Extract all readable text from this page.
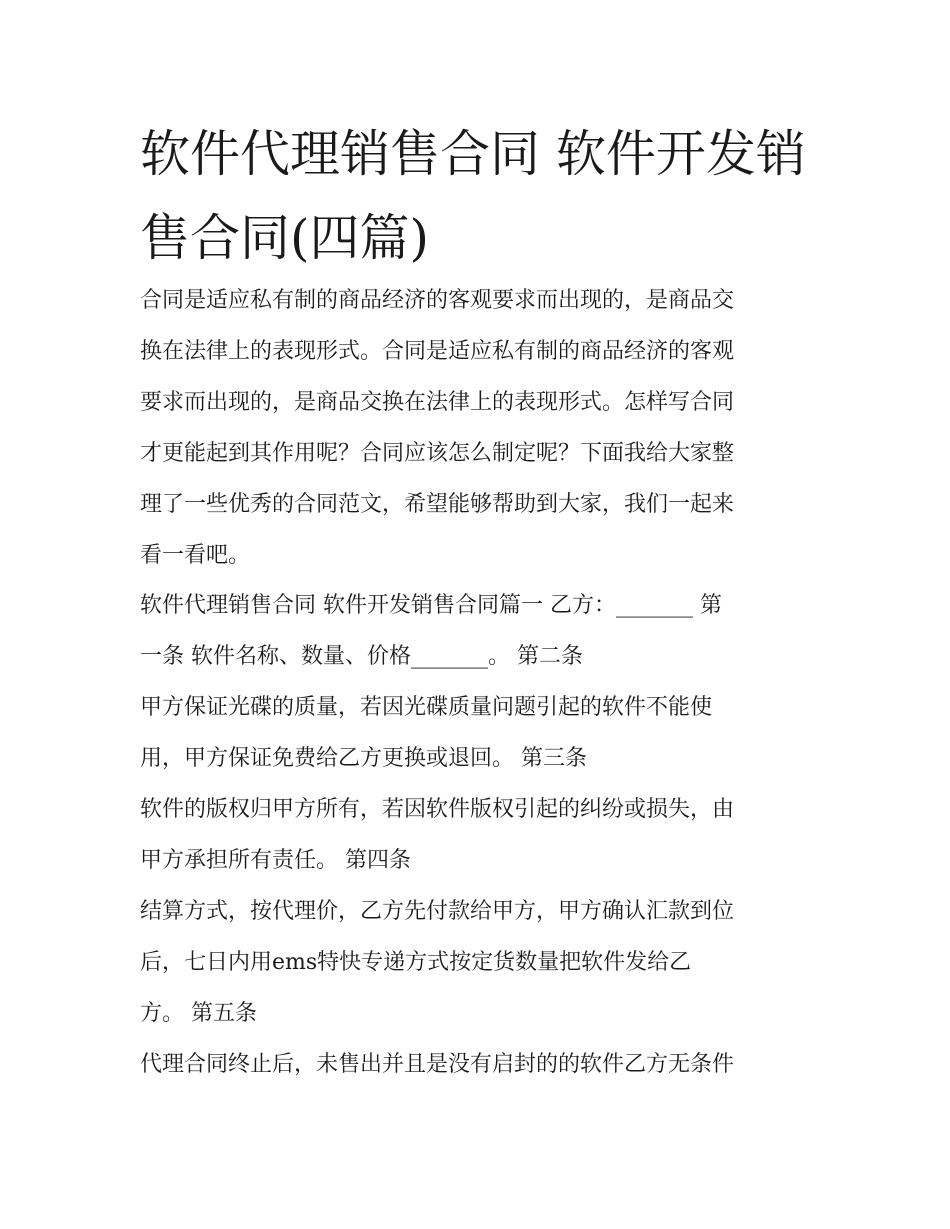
软件代理销售合同 软件开发销
售合同(四篇)

合同是适应私有制的商品经济的客观要求而出现的，是商品交
换在法律上的表现形式。合同是适应私有制的商品经济的客观
要求而出现的，是商品交换在法律上的表现形式。怎样写合同
才更能起到其作用呢？合同应该怎么制定呢？下面我给大家整
理了一些优秀的合同范文，希望能够帮助到大家，我们一起来
看一看吧。

软件代理销售合同 软件开发销售合同篇一 乙方：_______ 第
一条 软件名称、数量、价格_______。 第二条
甲方保证光碟的质量，若因光碟质量问题引起的软件不能使
用，甲方保证免费给乙方更换或退回。 第三条
软件的版权归甲方所有，若因软件版权引起的纠纷或损失，由
甲方承担所有责任。 第四条
结算方式，按代理价，乙方先付款给甲方，甲方确认汇款到位
后，七日内用ems特快专递方式按定货数量把软件发给乙
方。 第五条
代理合同终止后，未售出并且是没有启封的的软件乙方无条件
